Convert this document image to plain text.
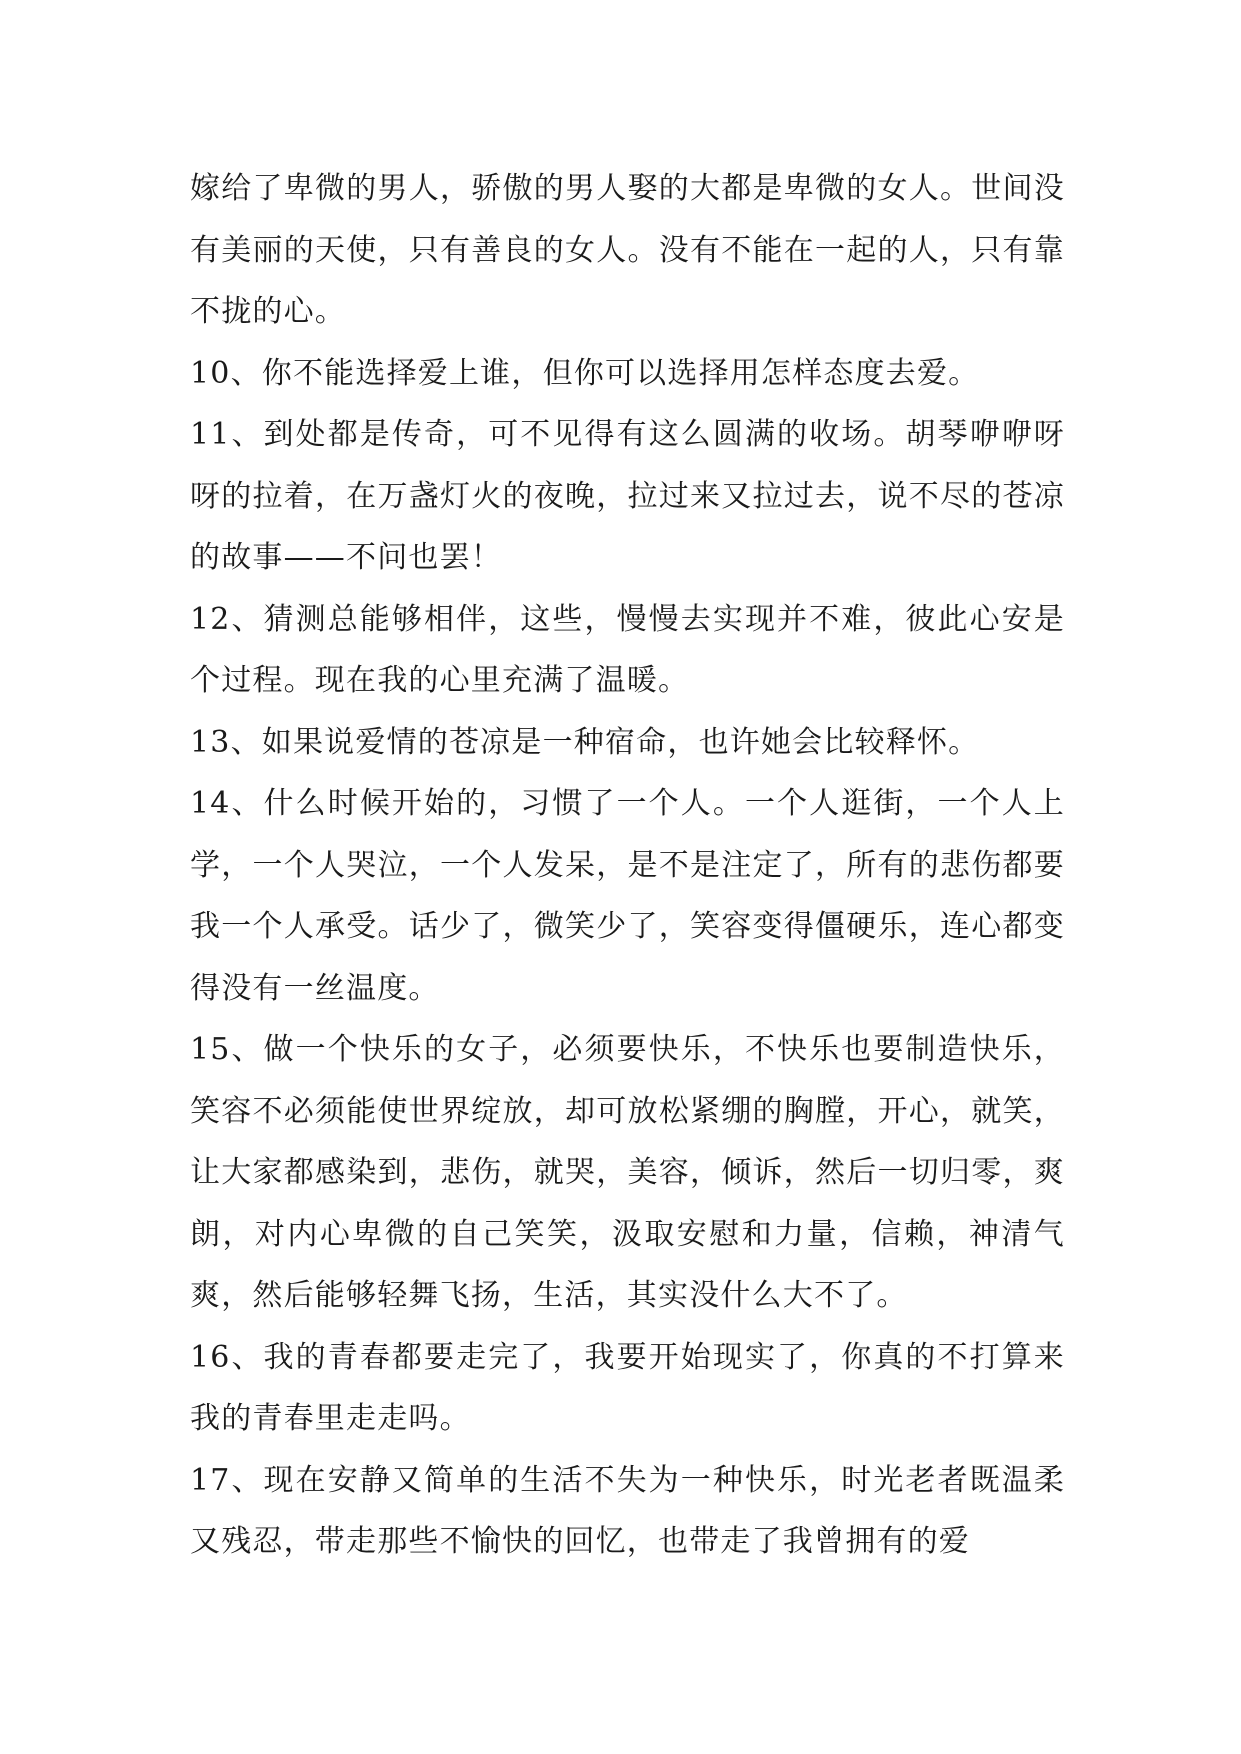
嫁给了卑微的男人，骄傲的男人娶的大都是卑微的女人。世间没有美丽的天使，只有善良的女人。没有不能在一起的人，只有靠不拢的心。

10、你不能选择爱上谁，但你可以选择用怎样态度去爱。

11、到处都是传奇，可不见得有这么圆满的收场。胡琴咿咿呀呀的拉着，在万盏灯火的夜晚，拉过来又拉过去，说不尽的苍凉的故事——不问也罢！

12、猜测总能够相伴，这些，慢慢去实现并不难，彼此心安是个过程。现在我的心里充满了温暖。

13、如果说爱情的苍凉是一种宿命，也许她会比较释怀。

14、什么时候开始的，习惯了一个人。一个人逛街，一个人上学，一个人哭泣，一个人发呆，是不是注定了，所有的悲伤都要我一个人承受。话少了，微笑少了，笑容变得僵硬乐，连心都变得没有一丝温度。

15、做一个快乐的女子，必须要快乐，不快乐也要制造快乐，笑容不必须能使世界绽放，却可放松紧绷的胸膛，开心，就笑，让大家都感染到，悲伤，就哭，美容，倾诉，然后一切归零，爽朗，对内心卑微的自己笑笑，汲取安慰和力量，信赖，神清气爽，然后能够轻舞飞扬，生活，其实没什么大不了。

16、我的青春都要走完了，我要开始现实了，你真的不打算来我的青春里走走吗。

17、现在安静又简单的生活不失为一种快乐，时光老者既温柔又残忍，带走那些不愉快的回忆，也带走了我曾拥有的爱
